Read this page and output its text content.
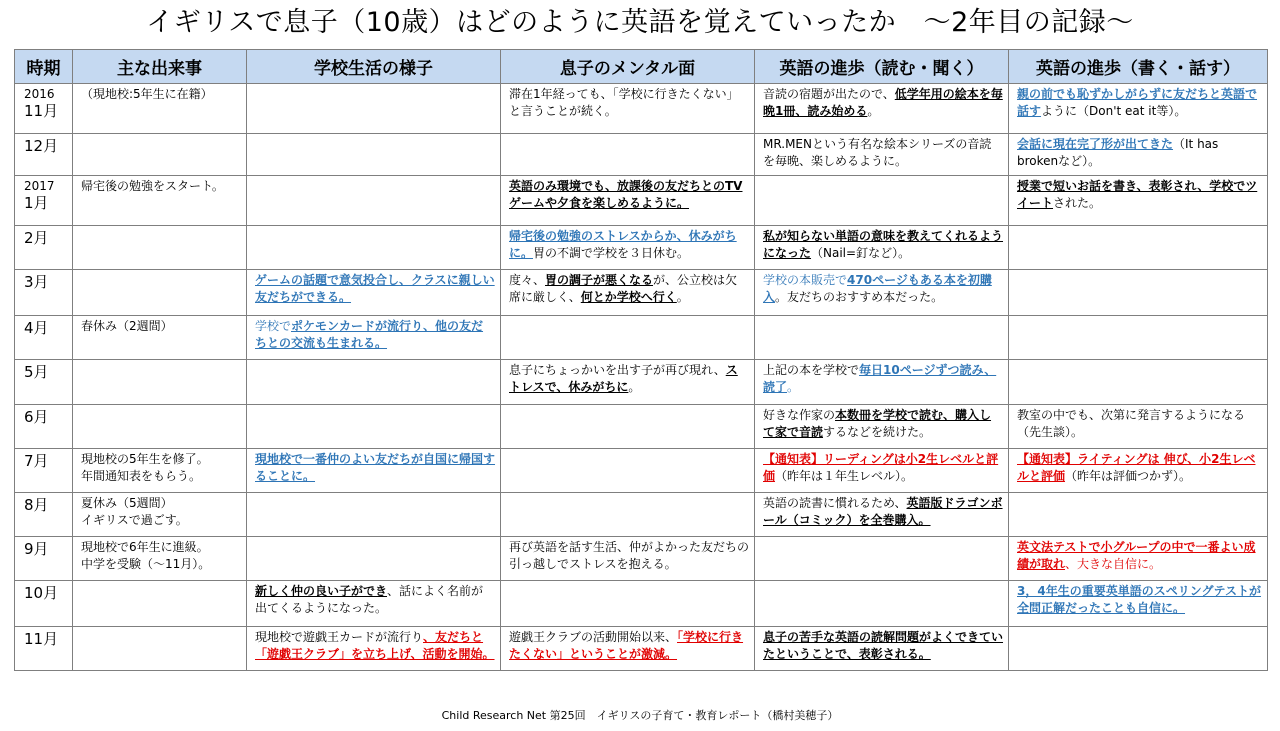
イギリスで息子（10歳）はどのように英語を覚えていったか　～2年目の記録～
時期	主な出来事	学校生活の様子	息子のメンタル面	英語の進歩（読む・聞く）	英語の進歩（書く・話す）

2016
11月	（現地校:5年生に在籍）		滞在1年経っても、「学校に行きたくない」と言うことが続く。	音読の宿題が出たので、低学年用の絵本を毎晩1冊、読み始める。	親の前でも恥ずかしがらずに友だちと英語で話すように（Don't eat it等）。
12月				MR.MENという有名な絵本シリーズの音読を毎晩、楽しめるように。	会話に現在完了形が出てきた（It has brokenなど）。

2017
1月	帰宅後の勉強をスタート。		英語のみ環境でも、放課後の友だちとのTVゲームや夕食を楽しめるように。		授業で短いお話を書き、表彰され、学校でツイートされた。
2月			帰宅後の勉強のストレスからか、休みがちに。胃の不調で学校を３日休む。	私が知らない単語の意味を教えてくれるようになった（Nail=釘など）。	
3月		ゲームの話題で意気投合し、クラスに親しい友だちができる。	度々、胃の調子が悪くなるが、公立校は欠席に厳しく、何とか学校へ行く。	学校の本販売で470ページもある本を初購入。友だちのおすすめ本だった。	
4月	春休み（2週間）	学校でポケモンカードが流行り、他の友だちとの交流も生まれる。			
5月			息子にちょっかいを出す子が再び現れ、ストレスで、休みがちに。	上記の本を学校で毎日10ページずつ読み、読了。	
6月				好きな作家の本数冊を学校で読む、購入して家で音読するなどを続けた。	教室の中でも、次第に発言するようになる（先生談）。
7月	現地校の5年生を修了。
年間通知表をもらう。	現地校で一番仲のよい友だちが自国に帰国することに。		【通知表】リーディングは小2生レベルと評価（昨年は１年生レベル）。	【通知表】ライティングは 伸び、小2生レベルと評価（昨年は評価つかず）。
8月	夏休み（5週間）
イギリスで過ごす。			英語の読書に慣れるため、英語版ドラゴンボール（コミック）を全巻購入。	
9月	現地校で6年生に進級。
中学を受験（～11月）。		再び英語を話す生活、仲がよかった友だちの引っ越しでストレスを抱える。		英文法テストで小グループの中で一番よい成績が取れ、大きな自信に。
10月		新しく仲の良い子ができ、話によく名前が出てくるようになった。			3，4年生の重要英単語のスペリングテストが全問正解だったことも自信に。
11月		現地校で遊戯王カードが流行り、友だちと「遊戯王クラブ」を立ち上げ、活動を開始。	遊戯王クラブの活動開始以来、「学校に行きたくない」ということが激減。	息子の苦手な英語の読解問題がよくできていたということで、表彰される。	
Child Research Net 第25回　イギリスの子育て・教育レポート（橋村美穂子）
